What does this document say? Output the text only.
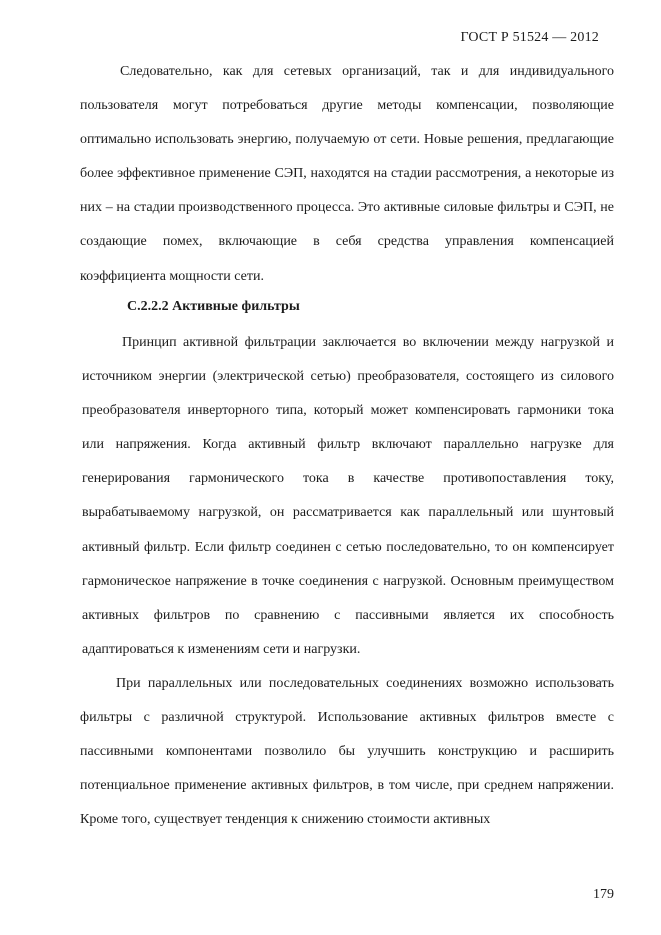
ГОСТ Р 51524 — 2012

Следовательно, как для сетевых организаций, так и для индивидуального пользователя могут потребоваться другие методы компенсации, позволяющие оптимально использовать энергию, получаемую от сети. Новые решения, предлагающие более эффективное применение СЭП, находятся на стадии рассмотрения, а некоторые из них – на стадии производственного процесса. Это активные силовые фильтры и СЭП, не создающие помех, включающие в себя средства управления компенсацией коэффициента мощности сети.

С.2.2.2 Активные фильтры

Принцип активной фильтрации заключается во включении между нагрузкой и источником энергии (электрической сетью) преобразователя, состоящего из силового преобразователя инверторного типа, который может компенсировать гармоники тока или напряжения. Когда активный фильтр включают параллельно нагрузке для генерирования гармонического тока в качестве противопоставления току, вырабатываемому нагрузкой, он рассматривается как параллельный или шунтовый активный фильтр. Если фильтр соединен с сетью последовательно, то он компенсирует гармоническое напряжение в точке соединения с нагрузкой. Основным преимуществом активных фильтров по сравнению с пассивными является их способность адаптироваться к изменениям сети и нагрузки.

При параллельных или последовательных соединениях возможно использовать фильтры с различной структурой. Использование активных фильтров вместе с пассивными компонентами позволило бы улучшить конструкцию и расширить потенциальное применение активных фильтров, в том числе, при среднем напряжении. Кроме того, существует тенденция к снижению стоимости активных

179
